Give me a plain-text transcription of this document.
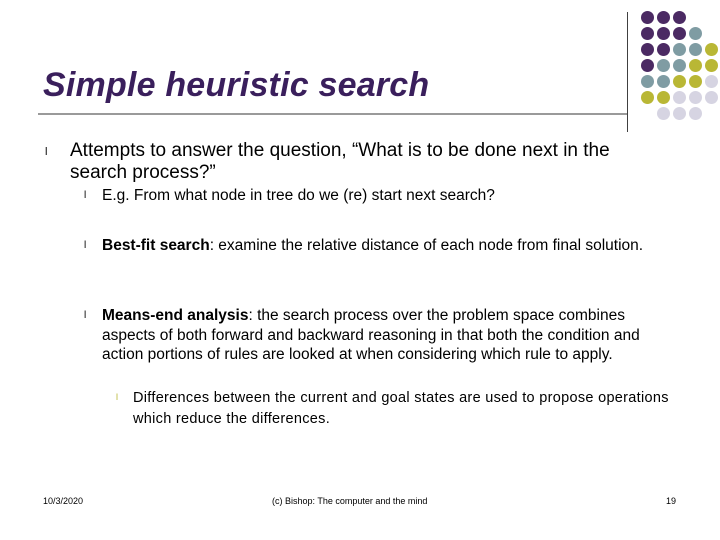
Simple heuristic search
l Attempts to answer the question, “What is to be done next in the search process?”
l E.g. From what node in tree do we (re) start next search?
l Best-fit search: examine the relative distance of each node from final solution.
l Means-end analysis: the search process over the problem space combines aspects of both forward and backward reasoning in that both the condition and action portions of rules are looked at when considering which rule to apply.
l Differences between the current and goal states are used to propose operations which reduce the differences.
10/3/2020	(c) Bishop: The computer and the mind	19
